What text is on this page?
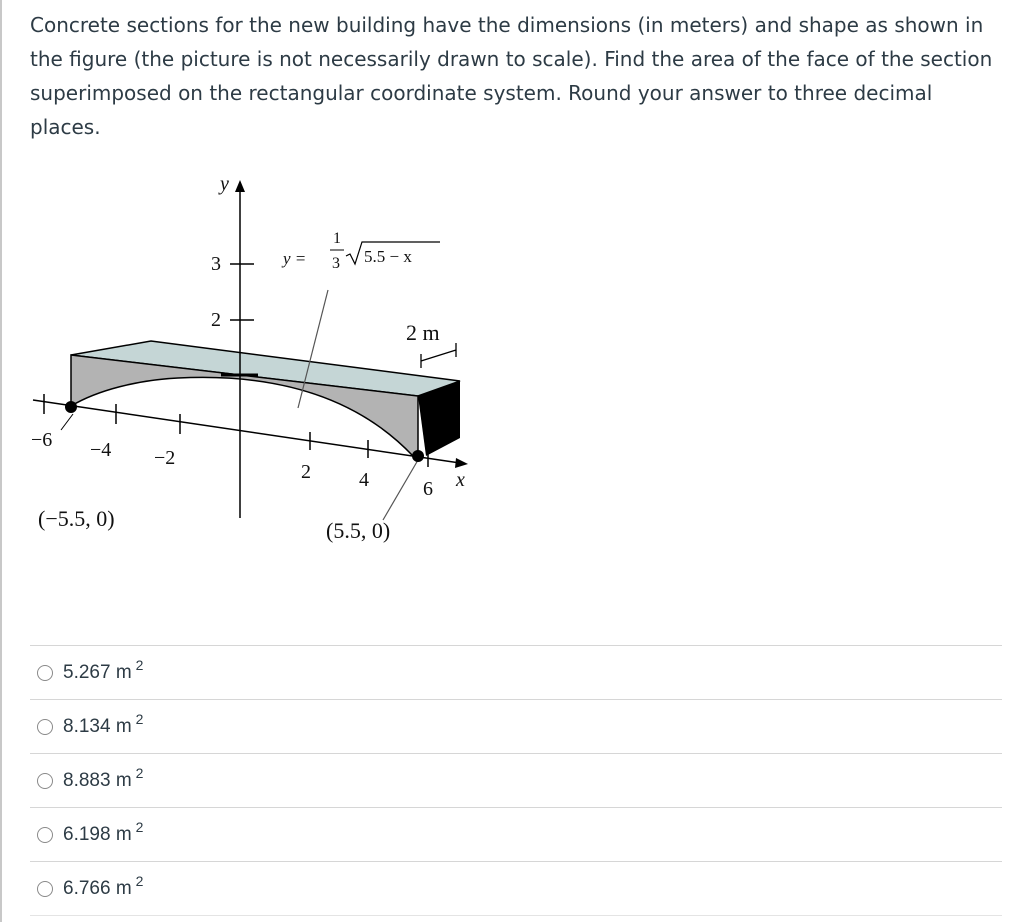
Concrete sections for the new building have the dimensions (in meters) and shape as shown in the figure (the picture is not necessarily drawn to scale). Find the area of the face of the section superimposed on the rectangular coordinate system. Round your answer to three decimal places.
y
3
2
−6 −4 −2
2 4	6 x
y =
1
3 5.5 − x
2 m
(−5.5, 0)	(5.5, 0)
5.267 m 2
8.134 m 2
8.883 m 2
6.198 m 2
6.766 m 2
